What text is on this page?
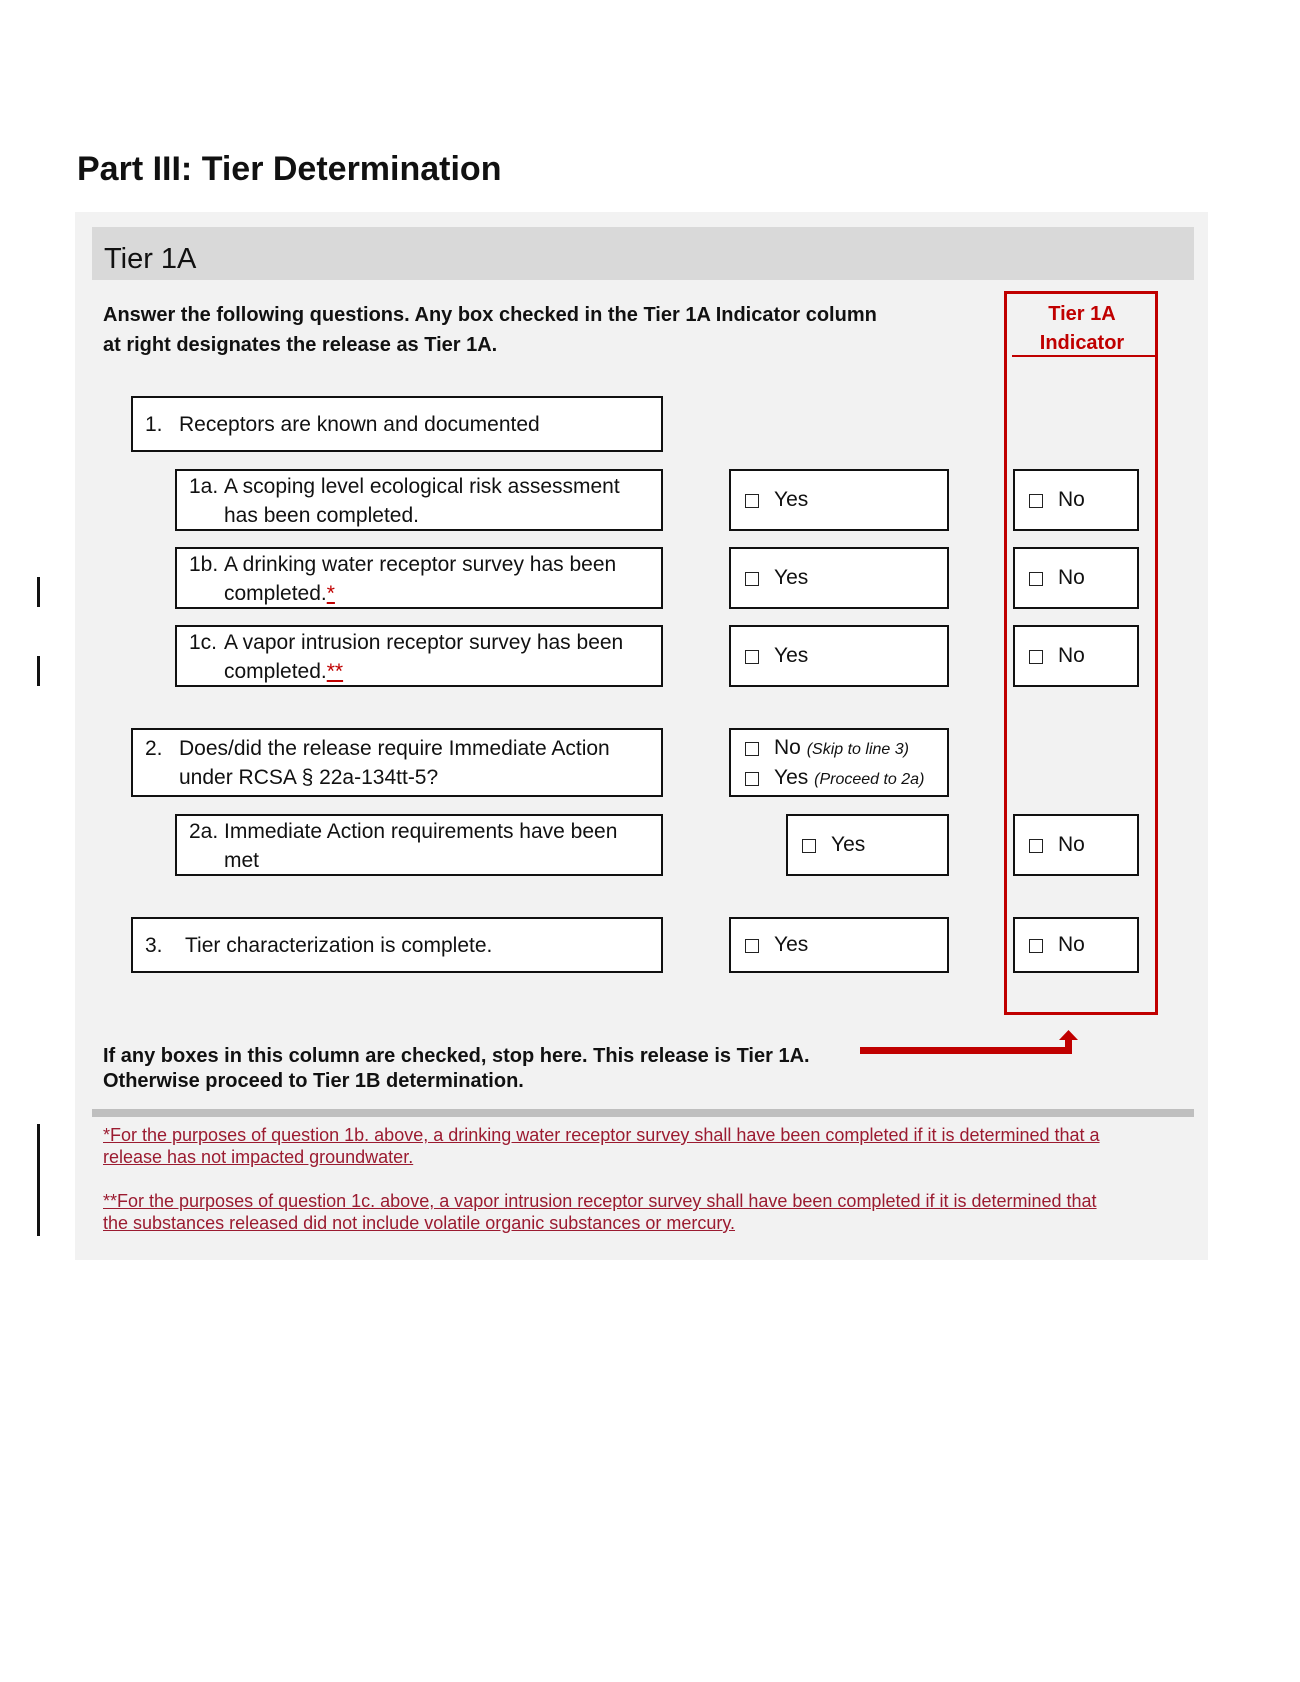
Part III: Tier Determination
Tier 1A
Answer the following questions. Any box checked in the Tier 1A Indicator column
at right designates the release as Tier 1A.
Tier 1A
Indicator
1. Receptors are known and documented
1a. A scoping level ecological risk assessment
has been completed.
Yes	No
1b. A drinking water receptor survey has been
completed.*
Yes	No
1c. A vapor intrusion receptor survey has been
completed.**
Yes	No
2. Does/did the release require Immediate Action
under RCSA § 22a-134tt-5?
No (Skip to line 3)
Yes (Proceed to 2a)
2a. Immediate Action requirements have been
met
Yes	No
3. Tier characterization is complete.	Yes	No
If any boxes in this column are checked, stop here. This release is Tier 1A.
Otherwise proceed to Tier 1B determination.
*For the purposes of question 1b. above, a drinking water receptor survey shall have been completed if it is determined that a
release has not impacted groundwater.
**For the purposes of question 1c. above, a vapor intrusion receptor survey shall have been completed if it is determined that
the substances released did not include volatile organic substances or mercury.
